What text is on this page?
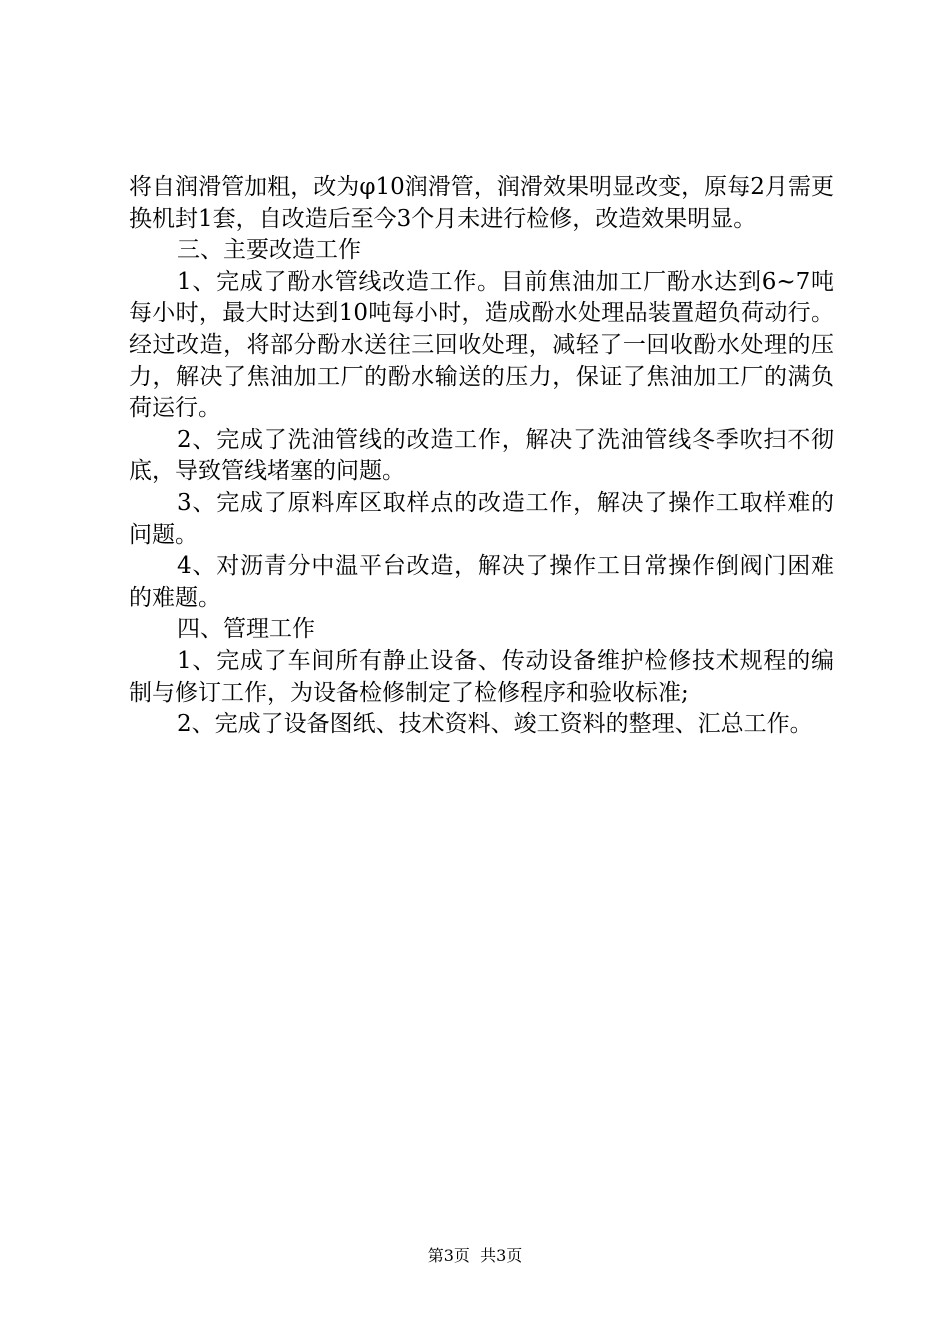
将自润滑管加粗，改为φ10润滑管，润滑效果明显改变，原每2月需更换机封1套，自改造后至今3个月未进行检修，改造效果明显。

三、主要改造工作

1、完成了酚水管线改造工作。目前焦油加工厂酚水达到6~7吨每小时，最大时达到10吨每小时，造成酚水处理品装置超负荷动行。经过改造，将部分酚水送往三回收处理，减轻了一回收酚水处理的压力，解决了焦油加工厂的酚水输送的压力，保证了焦油加工厂的满负荷运行。

2、完成了洗油管线的改造工作，解决了洗油管线冬季吹扫不彻底，导致管线堵塞的问题。

3、完成了原料库区取样点的改造工作，解决了操作工取样难的问题。

4、对沥青分中温平台改造，解决了操作工日常操作倒阀门困难的难题。

四、管理工作

1、完成了车间所有静止设备、传动设备维护检修技术规程的编制与修订工作，为设备检修制定了检修程序和验收标准;

2、完成了设备图纸、技术资料、竣工资料的整理、汇总工作。

第3页  共3页
